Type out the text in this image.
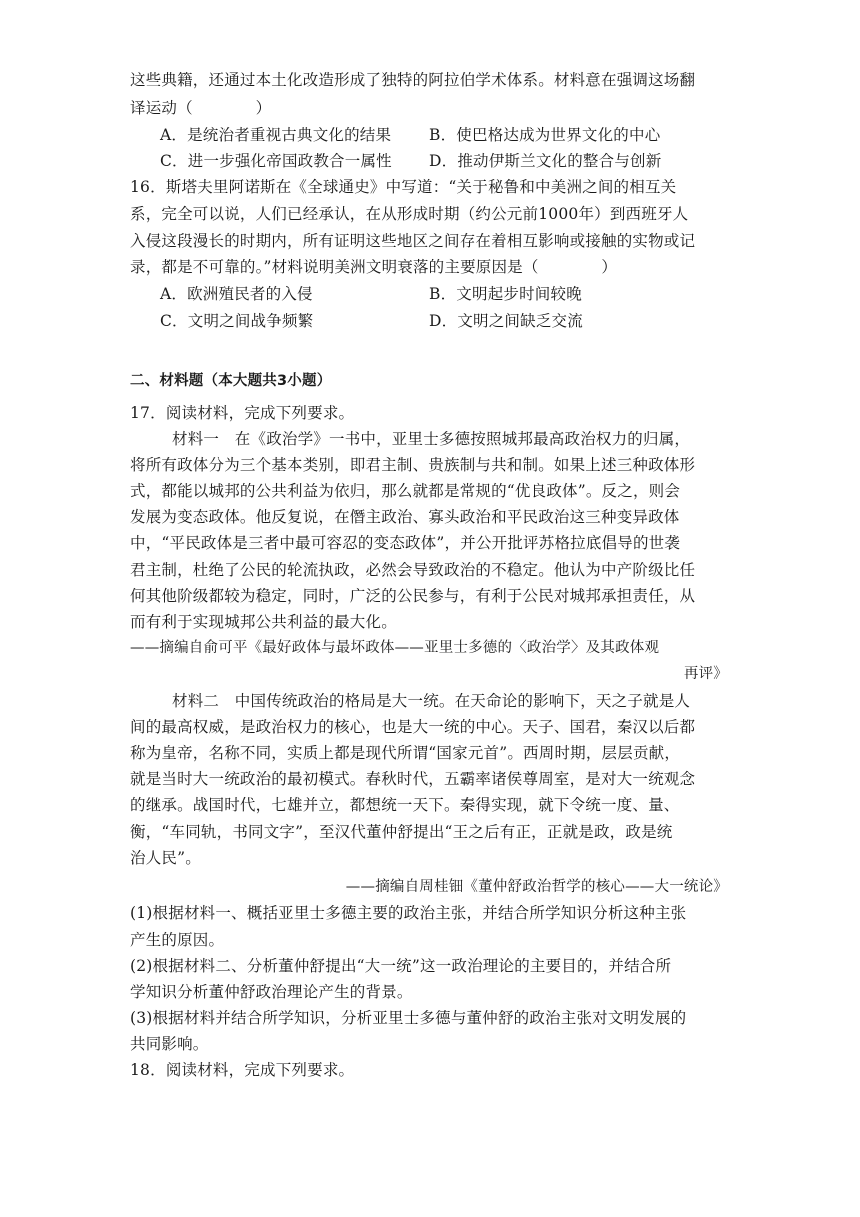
这些典籍，还通过本土化改造形成了独特的阿拉伯学术体系。材料意在强调这场翻
译运动（　　　　）
A．是统治者重视古典文化的结果 B．使巴格达成为世界文化的中心
C．进一步强化帝国政教合一属性 D．推动伊斯兰文化的整合与创新
16．斯塔夫里阿诺斯在《全球通史》中写道：“关于秘鲁和中美洲之间的相互关
系，完全可以说，人们已经承认，在从形成时期（约公元前1000年）到西班牙人
入侵这段漫长的时期内，所有证明这些地区之间存在着相互影响或接触的实物或记
录，都是不可靠的。”材料说明美洲文明衰落的主要原因是（　　　　）
A．欧洲殖民者的入侵	B．文明起步时间较晚
C．文明之间战争频繁	D．文明之间缺乏交流
二、材料题（本大题共3小题）
17．阅读材料，完成下列要求。
材料一　在《政治学》一书中，亚里士多德按照城邦最高政治权力的归属，
将所有政体分为三个基本类别，即君主制、贵族制与共和制。如果上述三种政体形
式，都能以城邦的公共利益为依归，那么就都是常规的“优良政体”。反之，则会
发展为变态政体。他反复说，在僭主政治、寡头政治和平民政治这三种变异政体
中，“平民政体是三者中最可容忍的变态政体”，并公开批评苏格拉底倡导的世袭
君主制，杜绝了公民的轮流执政，必然会导致政治的不稳定。他认为中产阶级比任
何其他阶级都较为稳定，同时，广泛的公民参与，有利于公民对城邦承担责任，从
而有利于实现城邦公共利益的最大化。
——摘编自俞可平《最好政体与最坏政体——亚里士多德的〈政治学〉及其政体观
再评》
材料二　中国传统政治的格局是大一统。在天命论的影响下，天之子就是人
间的最高权威，是政治权力的核心，也是大一统的中心。天子、国君，秦汉以后都
称为皇帝，名称不同，实质上都是现代所谓“国家元首”。西周时期，层层贡献，
就是当时大一统政治的最初模式。春秋时代，五霸率诸侯尊周室，是对大一统观念
的继承。战国时代，七雄并立，都想统一天下。秦得实现，就下令统一度、量、
衡，“车同轨，书同文字”，至汉代董仲舒提出“王之后有正，正就是政，政是统
治人民”。
——摘编自周桂钿《董仲舒政治哲学的核心——大一统论》
(1)根据材料一、概括亚里士多德主要的政治主张，并结合所学知识分析这种主张
产生的原因。
(2)根据材料二、分析董仲舒提出“大一统”这一政治理论的主要目的，并结合所
学知识分析董仲舒政治理论产生的背景。
(3)根据材料并结合所学知识，分析亚里士多德与董仲舒的政治主张对文明发展的
共同影响。
18．阅读材料，完成下列要求。
